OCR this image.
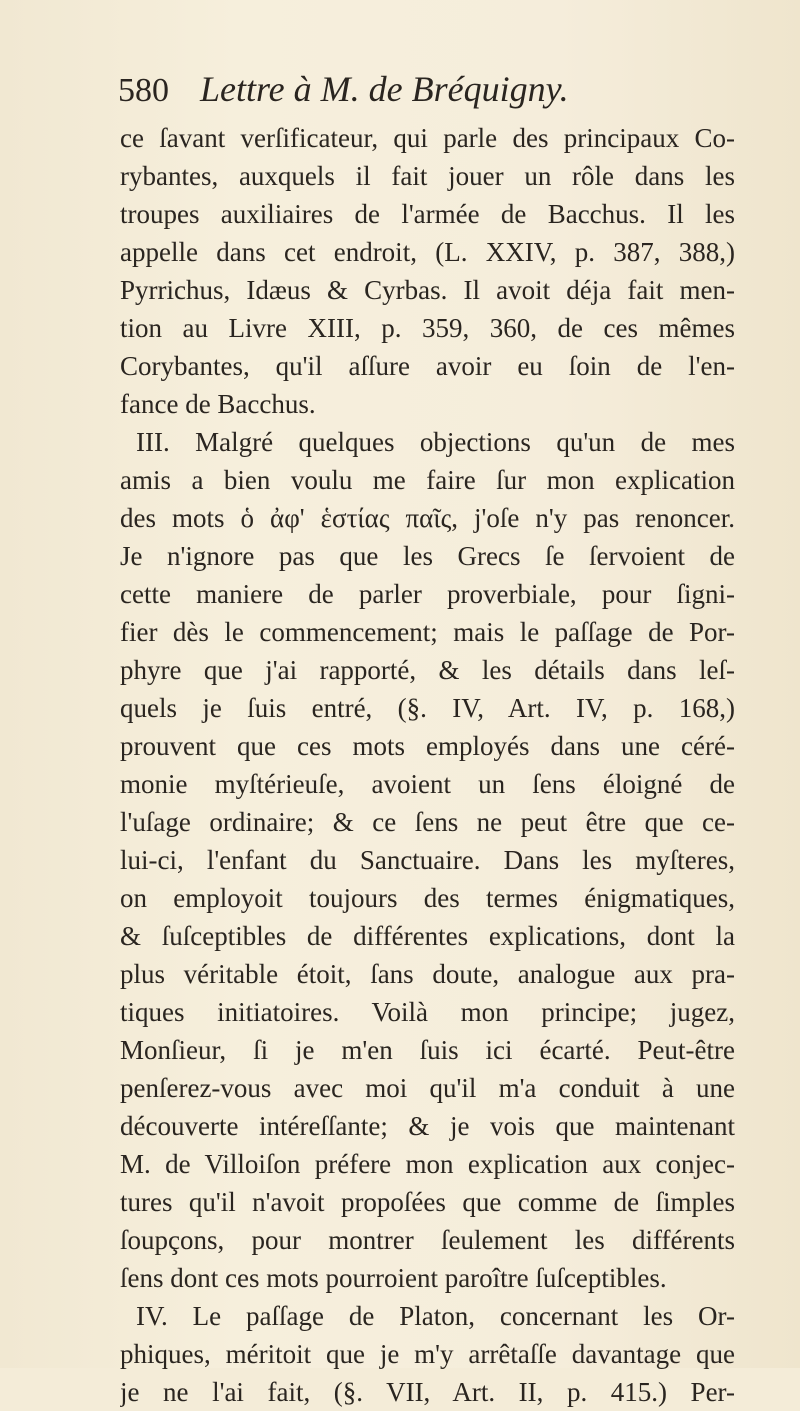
580 Lettre à M. de Bréquigny.
ce ſavant verſificateur, qui parle des principaux Co-
rybantes, auxquels il fait jouer un rôle dans les
troupes auxiliaires de l'armée de Bacchus. Il les
appelle dans cet endroit, (L. XXIV, p. 387, 388,)
Pyrrichus, Idæus & Cyrbas. Il avoit déja fait men-
tion au Livre XIII, p. 359, 360, de ces mêmes
Corybantes, qu'il aſſure avoir eu ſoin de l'en-
fance de Bacchus.
III. Malgré quelques objections qu'un de mes
amis a bien voulu me faire ſur mon explication
des mots ὁ ἀφ' ἑστίας παῖς, j'oſe n'y pas renoncer.
Je n'ignore pas que les Grecs ſe ſervoient de
cette maniere de parler proverbiale, pour ſigni-
fier dès le commencement; mais le paſſage de Por-
phyre que j'ai rapporté, & les détails dans leſ-
quels je ſuis entré, (§. IV, Art. IV, p. 168,)
prouvent que ces mots employés dans une céré-
monie myſtérieuſe, avoient un ſens éloigné de
l'uſage ordinaire; & ce ſens ne peut être que ce-
lui-ci, l'enfant du Sanctuaire. Dans les myſteres,
on employoit toujours des termes énigmatiques,
& ſuſceptibles de différentes explications, dont la
plus véritable étoit, ſans doute, analogue aux pra-
tiques initiatoires. Voilà mon principe; jugez,
Monſieur, ſi je m'en ſuis ici écarté. Peut-être
penſerez-vous avec moi qu'il m'a conduit à une
découverte intéreſſante; & je vois que maintenant
M. de Villoiſon préfere mon explication aux conjec-
tures qu'il n'avoit propoſées que comme de ſimples
ſoupçons, pour montrer ſeulement les différents
ſens dont ces mots pourroient paroître ſuſceptibles.
IV. Le paſſage de Platon, concernant les Or-
phiques, méritoit que je m'y arrêtaſſe davantage que
je ne l'ai fait, (§. VII, Art. II, p. 415.) Per-
